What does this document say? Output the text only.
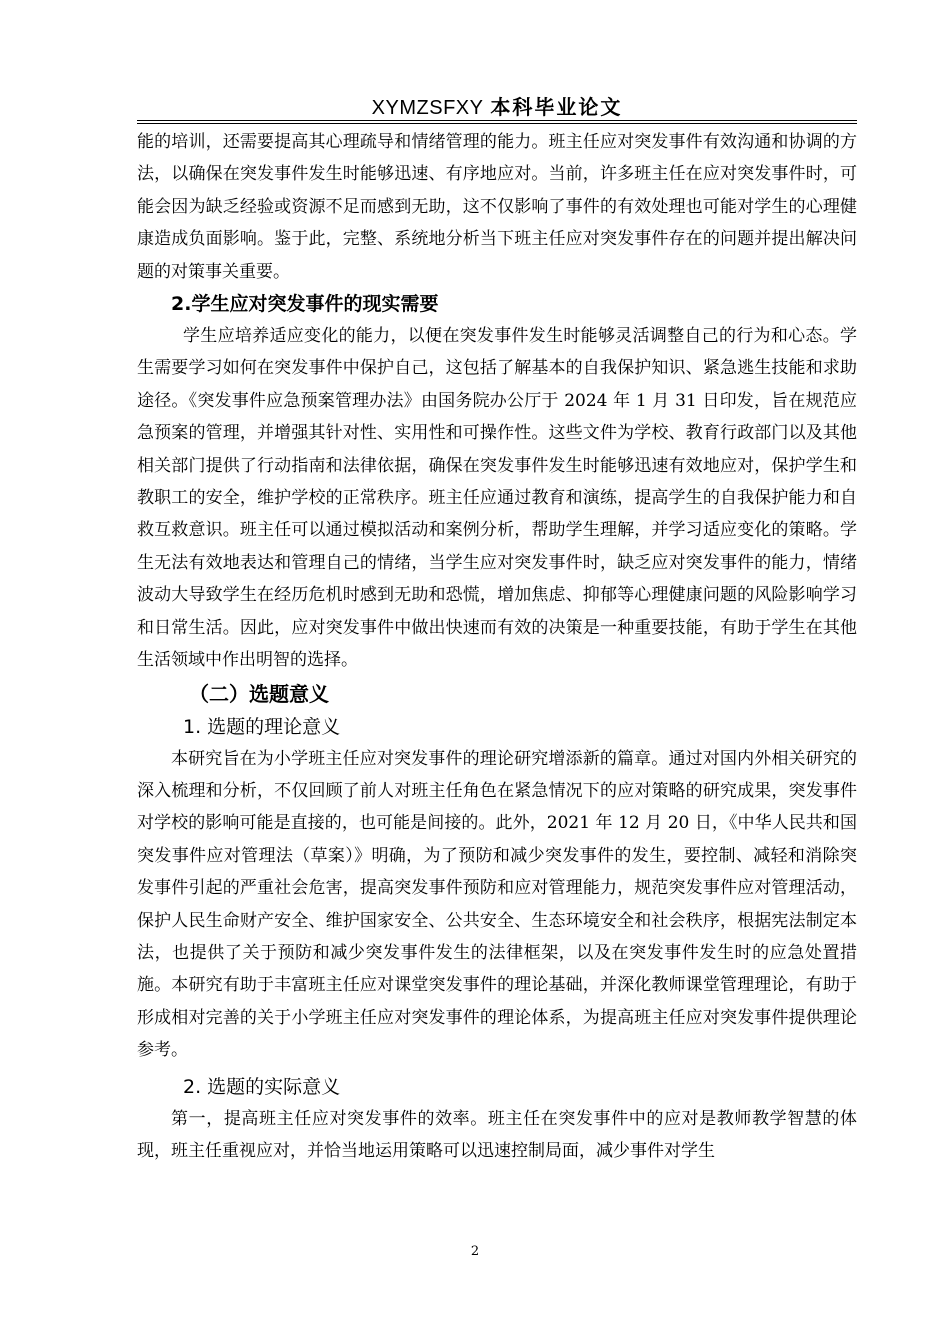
XYMZSFXY 本科毕业论文

能的培训，还需要提高其心理疏导和情绪管理的能力。班主任应对突发事件有效沟通和协调的方法，以确保在突发事件发生时能够迅速、有序地应对。当前，许多班主任在应对突发事件时，可能会因为缺乏经验或资源不足而感到无助，这不仅影响了事件的有效处理也可能对学生的心理健康造成负面影响。鉴于此，完整、系统地分析当下班主任应对突发事件存在的问题并提出解决问题的对策事关重要。

2.学生应对突发事件的现实需要

学生应培养适应变化的能力，以便在突发事件发生时能够灵活调整自己的行为和心态。学生需要学习如何在突发事件中保护自己，这包括了解基本的自我保护知识、紧急逃生技能和求助途径。《突发事件应急预案管理办法》由国务院办公厅于 2024 年 1 月 31 日印发，旨在规范应急预案的管理，并增强其针对性、实用性和可操作性。这些文件为学校、教育行政部门以及其他相关部门提供了行动指南和法律依据，确保在突发事件发生时能够迅速有效地应对，保护学生和教职工的安全，维护学校的正常秩序。班主任应通过教育和演练，提高学生的自我保护能力和自救互救意识。班主任可以通过模拟活动和案例分析，帮助学生理解，并学习适应变化的策略。学生无法有效地表达和管理自己的情绪，当学生应对突发事件时，缺乏应对突发事件的能力，情绪波动大导致学生在经历危机时感到无助和恐慌，增加焦虑、抑郁等心理健康问题的风险影响学习和日常生活。因此，应对突发事件中做出快速而有效的决策是一种重要技能，有助于学生在其他生活领域中作出明智的选择。

（二）选题意义

1. 选题的理论意义

本研究旨在为小学班主任应对突发事件的理论研究增添新的篇章。通过对国内外相关研究的深入梳理和分析，不仅回顾了前人对班主任角色在紧急情况下的应对策略的研究成果，突发事件对学校的影响可能是直接的，也可能是间接的。此外，2021 年 12 月 20 日，《中华人民共和国突发事件应对管理法（草案）》明确，为了预防和减少突发事件的发生，要控制、减轻和消除突发事件引起的严重社会危害，提高突发事件预防和应对管理能力，规范突发事件应对管理活动，保护人民生命财产安全、维护国家安全、公共安全、生态环境安全和社会秩序，根据宪法制定本法，也提供了关于预防和减少突发事件发生的法律框架，以及在突发事件发生时的应急处置措施。本研究有助于丰富班主任应对课堂突发事件的理论基础，并深化教师课堂管理理论，有助于形成相对完善的关于小学班主任应对突发事件的理论体系，为提高班主任应对突发事件提供理论参考。

2. 选题的实际意义

第一，提高班主任应对突发事件的效率。班主任在突发事件中的应对是教师教学智慧的体现，班主任重视应对，并恰当地运用策略可以迅速控制局面，减少事件对学生

2
